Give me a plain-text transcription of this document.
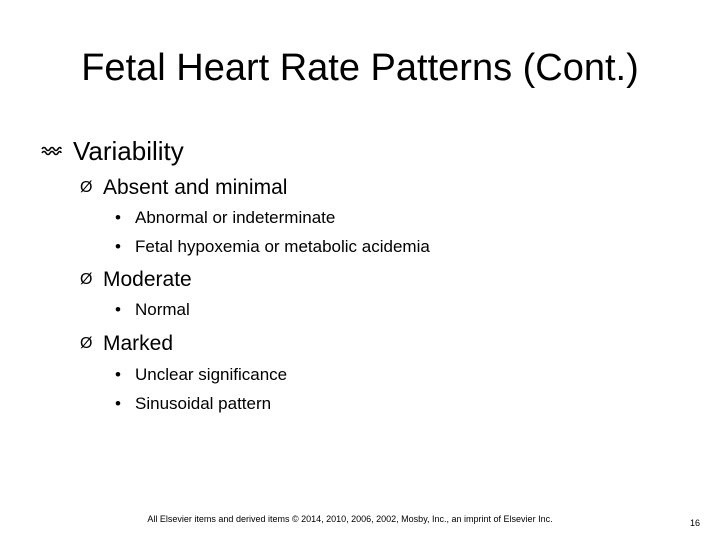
Fetal Heart Rate Patterns (Cont.)
Variability
Ø Absent and minimal
• Abnormal or indeterminate
• Fetal hypoxemia or metabolic acidemia
Ø Moderate
• Normal
Ø Marked
• Unclear significance
• Sinusoidal pattern
All Elsevier items and derived items © 2014, 2010, 2006, 2002, Mosby, Inc., an imprint of Elsevier Inc.	16
